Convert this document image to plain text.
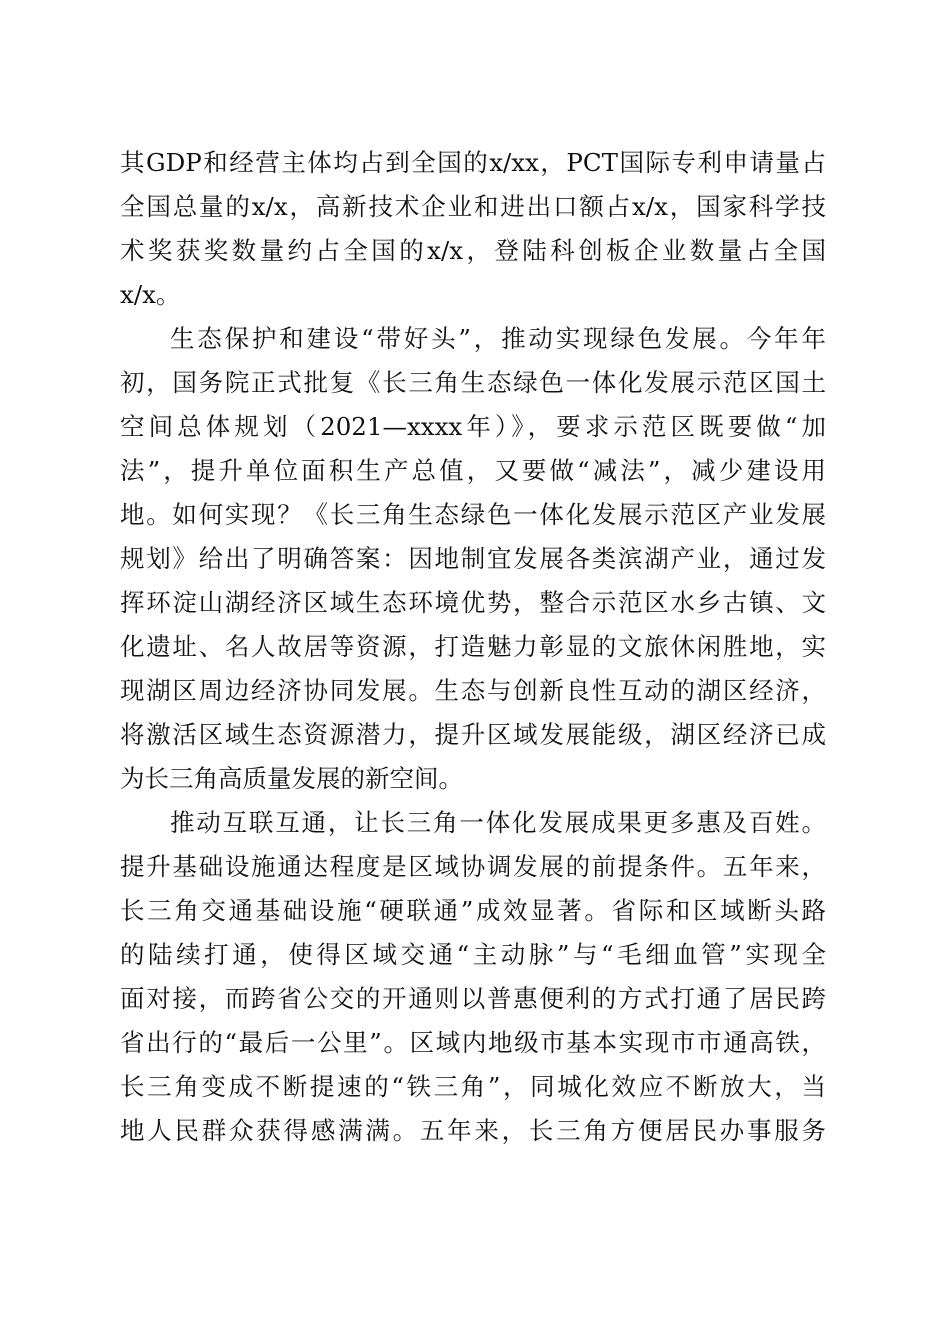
其GDP和经营主体均占到全国的x/xx，PCT国际专利申请量占
全国总量的x/x，高新技术企业和进出口额占x/x，国家科学技
术奖获奖数量约占全国的x/x，登陆科创板企业数量占全国
x/x。
生态保护和建设“带好头”，推动实现绿色发展。今年年
初，国务院正式批复《长三角生态绿色一体化发展示范区国土
空间总体规划（2021—xxxx年）》，要求示范区既要做“加
法”，提升单位面积生产总值，又要做“减法”，减少建设用
地。如何实现？《长三角生态绿色一体化发展示范区产业发展
规划》给出了明确答案：因地制宜发展各类滨湖产业，通过发
挥环淀山湖经济区域生态环境优势，整合示范区水乡古镇、文
化遗址、名人故居等资源，打造魅力彰显的文旅休闲胜地，实
现湖区周边经济协同发展。生态与创新良性互动的湖区经济，
将激活区域生态资源潜力，提升区域发展能级，湖区经济已成
为长三角高质量发展的新空间。
推动互联互通，让长三角一体化发展成果更多惠及百姓。
提升基础设施通达程度是区域协调发展的前提条件。五年来，
长三角交通基础设施“硬联通”成效显著。省际和区域断头路
的陆续打通，使得区域交通“主动脉”与“毛细血管”实现全
面对接，而跨省公交的开通则以普惠便利的方式打通了居民跨
省出行的“最后一公里”。区域内地级市基本实现市市通高铁，
长三角变成不断提速的“铁三角”，同城化效应不断放大，当
地人民群众获得感满满。五年来，长三角方便居民办事服务
